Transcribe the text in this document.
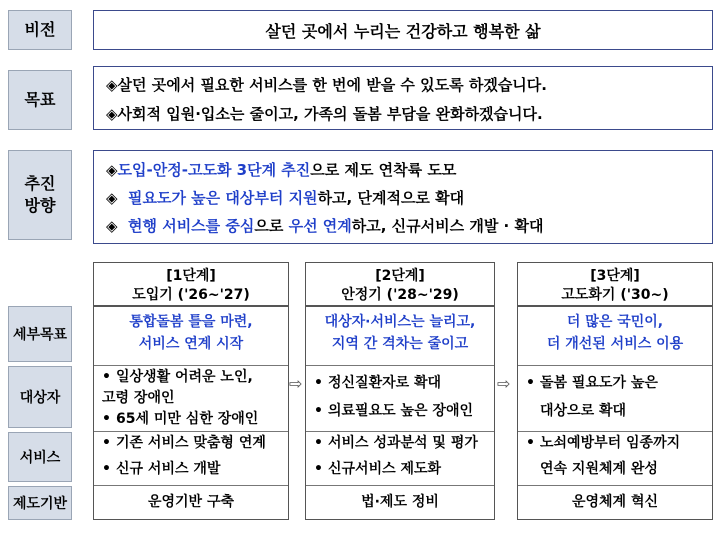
비전	살던 곳에서 누리는 건강하고 행복한 삶
목표
◈살던 곳에서 필요한 서비스를 한 번에 받을 수 있도록 하겠습니다.
◈사회적 입원·입소는 줄이고, 가족의 돌봄 부담을 완화하겠습니다.
추진
방향
◈도입-안정-고도화 3단계 추진으로 제도 연착륙 도모
◈ 필요도가 높은 대상부터 지원하고, 단계적으로 확대
◈ 현행 서비스를 중심으로 우선 연계하고, 신규서비스 개발 · 확대
세부목표
대상자
서비스
제도기반
[1단계]
도입기 ('26~'27)
통합돌봄 틀을 마련,
서비스 연계 시작
• 일상생활 어려운 노인,
고령 장애인
• 65세 미만 심한 장애인
• 기존 서비스 맞춤형 연계
• 신규 서비스 개발
운영기반 구축
⇨
[2단계]
안정기 ('28~'29)
대상자·서비스는 늘리고,
지역 간 격차는 줄이고
• 정신질환자로 확대
• 의료필요도 높은 장애인
• 서비스 성과분석 및 평가
• 신규서비스 제도화
법·제도 정비
⇨
[3단계]
고도화기 ('30~)
더 많은 국민이,
더 개선된 서비스 이용
• 돌봄 필요도가 높은
대상으로 확대
• 노쇠예방부터 임종까지
연속 지원체계 완성
운영체계 혁신
